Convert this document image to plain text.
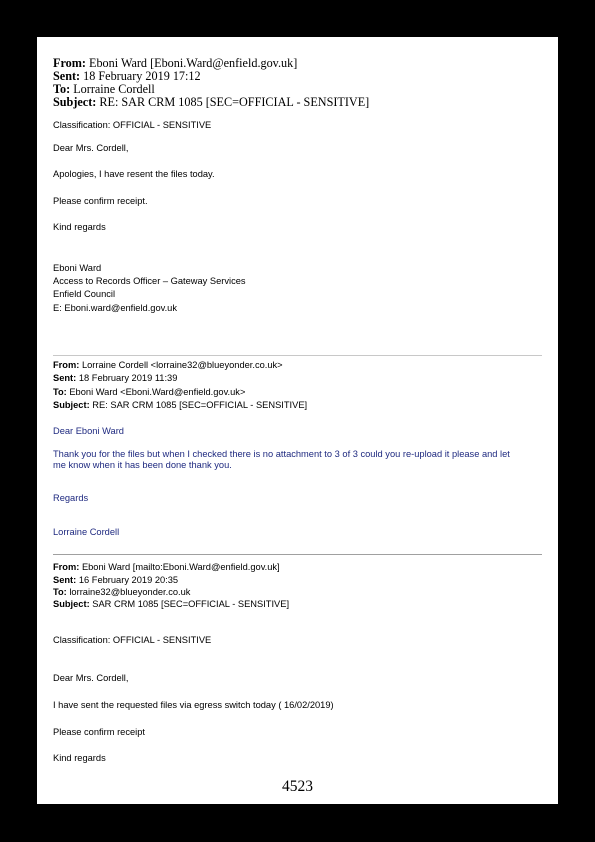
From: Eboni Ward [Eboni.Ward@enfield.gov.uk]
Sent: 18 February 2019 17:12
To: Lorraine Cordell
Subject: RE: SAR CRM 1085 [SEC=OFFICIAL - SENSITIVE]
Classification: OFFICIAL - SENSITIVE
Dear Mrs. Cordell,
Apologies, I have resent the files today.
Please confirm receipt.
Kind regards
Eboni Ward
Access to Records Officer – Gateway Services
Enfield Council
E: Eboni.ward@enfield.gov.uk
From: Lorraine Cordell <lorraine32@blueyonder.co.uk>
Sent: 18 February 2019 11:39
To: Eboni Ward <Eboni.Ward@enfield.gov.uk>
Subject: RE: SAR CRM 1085 [SEC=OFFICIAL - SENSITIVE]
Dear Eboni Ward
Thank you for the files but when I checked there is no attachment to 3 of 3 could you re-upload it please and let
me know when it has been done thank you.
Regards
Lorraine Cordell
From: Eboni Ward [mailto:Eboni.Ward@enfield.gov.uk]
Sent: 16 February 2019 20:35
To: lorraine32@blueyonder.co.uk
Subject: SAR CRM 1085 [SEC=OFFICIAL - SENSITIVE]
Classification: OFFICIAL - SENSITIVE
Dear Mrs. Cordell,
I have sent the requested files via egress switch today ( 16/02/2019)
Please confirm receipt
Kind regards
4523
